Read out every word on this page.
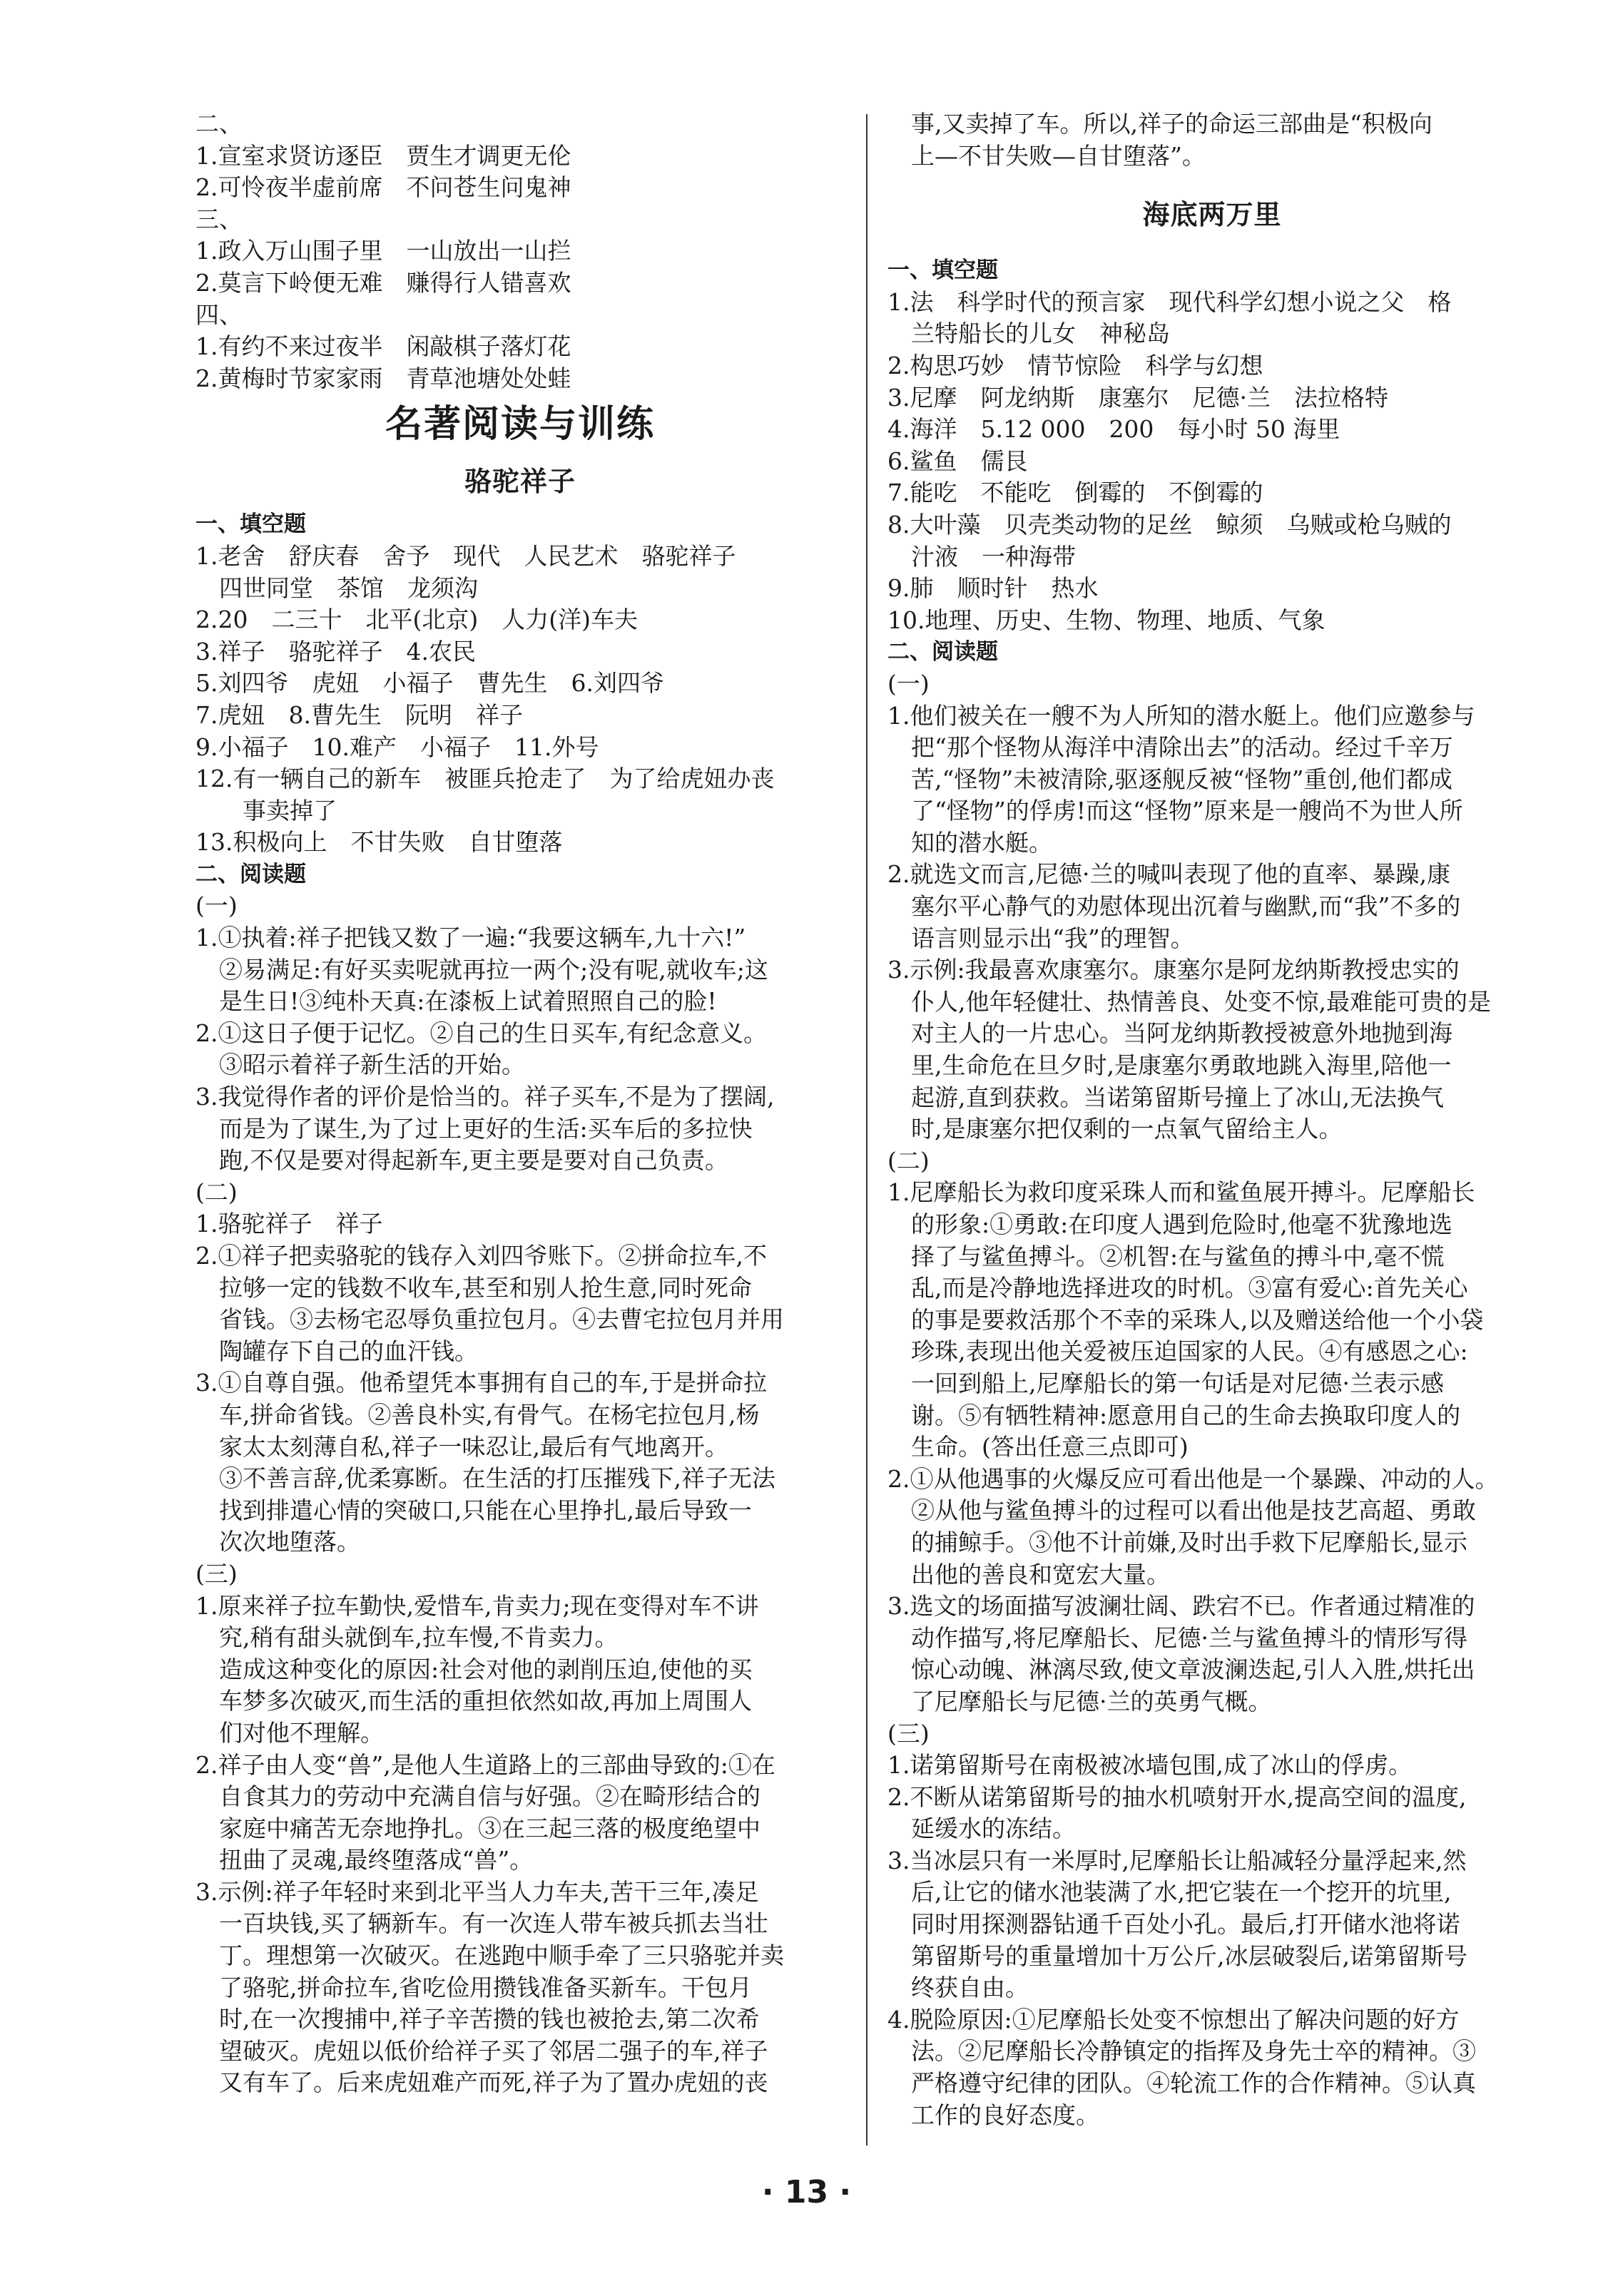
二、
1.宣室求贤访逐臣　贾生才调更无伦
2.可怜夜半虚前席　不问苍生问鬼神
三、
1.政入万山围子里　一山放出一山拦
2.莫言下岭便无难　赚得行人错喜欢
四、
1.有约不来过夜半　闲敲棋子落灯花
2.黄梅时节家家雨　青草池塘处处蛙
名著阅读与训练
骆驼祥子
一、填空题
1.老舍　舒庆春　舍予　现代　人民艺术　骆驼祥子
四世同堂　茶馆　龙须沟
2.20　二三十　北平(北京)　人力(洋)车夫
3.祥子　骆驼祥子　4.农民
5.刘四爷　虎妞　小福子　曹先生　6.刘四爷
7.虎妞　8.曹先生　阮明　祥子
9.小福子　10.难产　小福子　11.外号
12.有一辆自己的新车　被匪兵抢走了　为了给虎妞办丧
事卖掉了
13.积极向上　不甘失败　自甘堕落
二、阅读题
(一)
1.①执着:祥子把钱又数了一遍:“我要这辆车,九十六!”
②易满足:有好买卖呢就再拉一两个;没有呢,就收车;这
是生日!③纯朴天真:在漆板上试着照照自己的脸!
2.①这日子便于记忆。②自己的生日买车,有纪念意义。
③昭示着祥子新生活的开始。
3.我觉得作者的评价是恰当的。祥子买车,不是为了摆阔,
而是为了谋生,为了过上更好的生活:买车后的多拉快
跑,不仅是要对得起新车,更主要是要对自己负责。
(二)
1.骆驼祥子　祥子
2.①祥子把卖骆驼的钱存入刘四爷账下。②拼命拉车,不
拉够一定的钱数不收车,甚至和别人抢生意,同时死命
省钱。③去杨宅忍辱负重拉包月。④去曹宅拉包月并用
陶罐存下自己的血汗钱。
3.①自尊自强。他希望凭本事拥有自己的车,于是拼命拉
车,拼命省钱。②善良朴实,有骨气。在杨宅拉包月,杨
家太太刻薄自私,祥子一味忍让,最后有气地离开。
③不善言辞,优柔寡断。在生活的打压摧残下,祥子无法
找到排遣心情的突破口,只能在心里挣扎,最后导致一
次次地堕落。
(三)
1.原来祥子拉车勤快,爱惜车,肯卖力;现在变得对车不讲
究,稍有甜头就倒车,拉车慢,不肯卖力。
造成这种变化的原因:社会对他的剥削压迫,使他的买
车梦多次破灭,而生活的重担依然如故,再加上周围人
们对他不理解。
2.祥子由人变“兽”,是他人生道路上的三部曲导致的:①在
自食其力的劳动中充满自信与好强。②在畸形结合的
家庭中痛苦无奈地挣扎。③在三起三落的极度绝望中
扭曲了灵魂,最终堕落成“兽”。
3.示例:祥子年轻时来到北平当人力车夫,苦干三年,凑足
一百块钱,买了辆新车。有一次连人带车被兵抓去当壮
丁。理想第一次破灭。在逃跑中顺手牵了三只骆驼并卖
了骆驼,拼命拉车,省吃俭用攒钱准备买新车。干包月
时,在一次搜捕中,祥子辛苦攒的钱也被抢去,第二次希
望破灭。虎妞以低价给祥子买了邻居二强子的车,祥子
又有车了。后来虎妞难产而死,祥子为了置办虎妞的丧
事,又卖掉了车。所以,祥子的命运三部曲是“积极向
上—不甘失败—自甘堕落”。
海底两万里
一、填空题
1.法　科学时代的预言家　现代科学幻想小说之父　格
兰特船长的儿女　神秘岛
2.构思巧妙　情节惊险　科学与幻想
3.尼摩　阿龙纳斯　康塞尔　尼德·兰　法拉格特
4.海洋　5.12 000　200　每小时 50 海里
6.鲨鱼　儒艮
7.能吃　不能吃　倒霉的　不倒霉的
8.大叶藻　贝壳类动物的足丝　鲸须　乌贼或枪乌贼的
汁液　一种海带
9.肺　顺时针　热水
10.地理、历史、生物、物理、地质、气象
二、阅读题
(一)
1.他们被关在一艘不为人所知的潜水艇上。他们应邀参与
把“那个怪物从海洋中清除出去”的活动。经过千辛万
苦,“怪物”未被清除,驱逐舰反被“怪物”重创,他们都成
了“怪物”的俘虏!而这“怪物”原来是一艘尚不为世人所
知的潜水艇。
2.就选文而言,尼德·兰的喊叫表现了他的直率、暴躁,康
塞尔平心静气的劝慰体现出沉着与幽默,而“我”不多的
语言则显示出“我”的理智。
3.示例:我最喜欢康塞尔。康塞尔是阿龙纳斯教授忠实的
仆人,他年轻健壮、热情善良、处变不惊,最难能可贵的是
对主人的一片忠心。当阿龙纳斯教授被意外地抛到海
里,生命危在旦夕时,是康塞尔勇敢地跳入海里,陪他一
起游,直到获救。当诺第留斯号撞上了冰山,无法换气
时,是康塞尔把仅剩的一点氧气留给主人。
(二)
1.尼摩船长为救印度采珠人而和鲨鱼展开搏斗。尼摩船长
的形象:①勇敢:在印度人遇到危险时,他毫不犹豫地选
择了与鲨鱼搏斗。②机智:在与鲨鱼的搏斗中,毫不慌
乱,而是冷静地选择进攻的时机。③富有爱心:首先关心
的事是要救活那个不幸的采珠人,以及赠送给他一个小袋
珍珠,表现出他关爱被压迫国家的人民。④有感恩之心:
一回到船上,尼摩船长的第一句话是对尼德·兰表示感
谢。⑤有牺牲精神:愿意用自己的生命去换取印度人的
生命。(答出任意三点即可)
2.①从他遇事的火爆反应可看出他是一个暴躁、冲动的人。
②从他与鲨鱼搏斗的过程可以看出他是技艺高超、勇敢
的捕鲸手。③他不计前嫌,及时出手救下尼摩船长,显示
出他的善良和宽宏大量。
3.选文的场面描写波澜壮阔、跌宕不已。作者通过精准的
动作描写,将尼摩船长、尼德·兰与鲨鱼搏斗的情形写得
惊心动魄、淋漓尽致,使文章波澜迭起,引人入胜,烘托出
了尼摩船长与尼德·兰的英勇气概。
(三)
1.诺第留斯号在南极被冰墙包围,成了冰山的俘虏。
2.不断从诺第留斯号的抽水机喷射开水,提高空间的温度,
延缓水的冻结。
3.当冰层只有一米厚时,尼摩船长让船减轻分量浮起来,然
后,让它的储水池装满了水,把它装在一个挖开的坑里,
同时用探测器钻通千百处小孔。最后,打开储水池将诺
第留斯号的重量增加十万公斤,冰层破裂后,诺第留斯号
终获自由。
4.脱险原因:①尼摩船长处变不惊想出了解决问题的好方
法。②尼摩船长冷静镇定的指挥及身先士卒的精神。③
严格遵守纪律的团队。④轮流工作的合作精神。⑤认真
工作的良好态度。
· 13 ·
